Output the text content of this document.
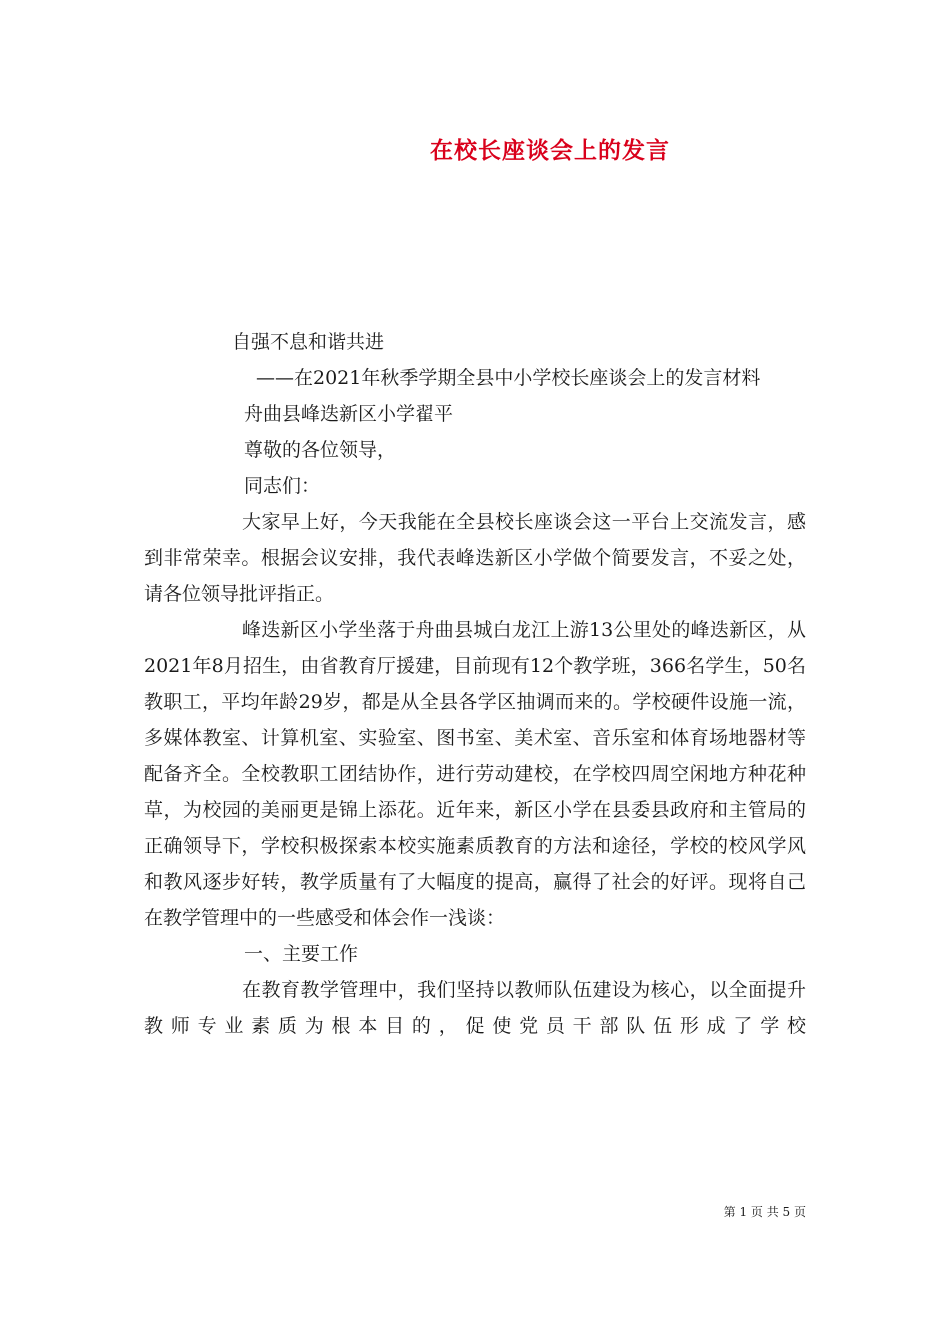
在校长座谈会上的发言

自强不息和谐共进

——在2021年秋季学期全县中小学校长座谈会上的发言材料

舟曲县峰迭新区小学翟平

尊敬的各位领导，

同志们：

大家早上好，今天我能在全县校长座谈会这一平台上交流发言，感到非常荣幸。根据会议安排，我代表峰迭新区小学做个简要发言，不妥之处，请各位领导批评指正。

峰迭新区小学坐落于舟曲县城白龙江上游13公里处的峰迭新区，从2021年8月招生，由省教育厅援建，目前现有12个教学班，366名学生，50名教职工，平均年龄29岁，都是从全县各学区抽调而来的。学校硬件设施一流，多媒体教室、计算机室、实验室、图书室、美术室、音乐室和体育场地器材等配备齐全。全校教职工团结协作，进行劳动建校，在学校四周空闲地方种花种草，为校园的美丽更是锦上添花。近年来，新区小学在县委县政府和主管局的正确领导下，学校积极探索本校实施素质教育的方法和途径，学校的校风学风和教风逐步好转，教学质量有了大幅度的提高，赢得了社会的好评。现将自己在教学管理中的一些感受和体会作一浅谈：

一、主要工作

在教育教学管理中，我们坚持以教师队伍建设为核心，以全面提升教师专业素质为根本目的，促使党员干部队伍形成了学校

第 1 页 共 5 页
